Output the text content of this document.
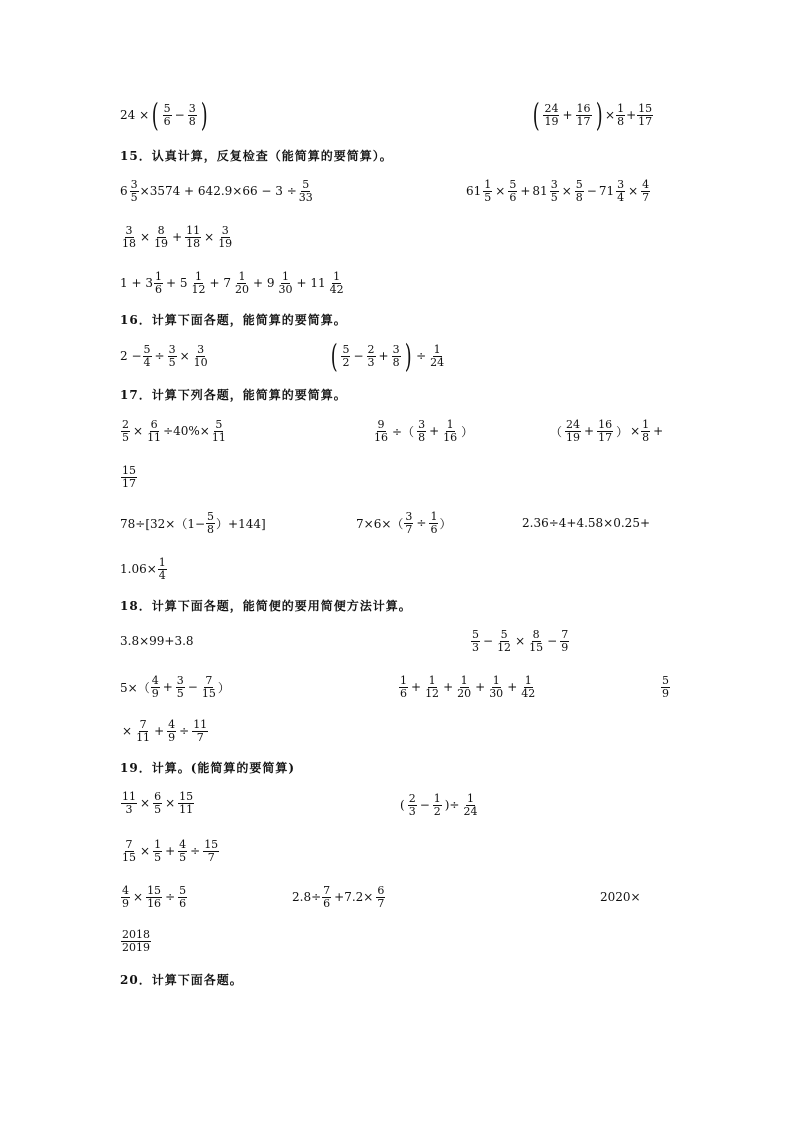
24 × ( $\frac{5}{6} - \frac{3}{8}$ )	( $\frac{24}{19} + \frac{16}{17}$ ) × $\frac{1}{8} + \frac{15}{17}$
15．认真计算，反复检查（能简算的要简算）。
$6 \frac{3}{5} \times 3574 + 642.9\times 66 - 3 \div \frac{5}{33}$	$61 \frac{1}{5} \times \frac{5}{6} + 81 \frac{3}{5} \times \frac{5}{8} - 71 \frac{3}{4} \times \frac{4}{7}$
$\frac{3}{18} \times \frac{8}{19} + \frac{11}{18} \times \frac{3}{19}$
$1 + 3 \frac{1}{6} + 5 \frac{1}{12} + 7 \frac{1}{20} + 9 \frac{1}{30} + 11 \frac{1}{42}$
16．计算下面各题，能简算的要简算。
$2 - \frac{5}{4} \div \frac{3}{5} \times \frac{3}{10}$	( $\frac{5}{2} - \frac{2}{3} + \frac{3}{8}$ ) ÷ $\frac{1}{24}$
17．计算下列各题，能简算的要简算。
$\frac{2}{5} \times \frac{6}{11} \div 40\%\times \frac{5}{11}$	$\frac{9}{16}$ ÷（ $\frac{3}{8} + \frac{1}{16}$ ）	（ $\frac{24}{19} + \frac{16}{17}$ ） × $\frac{1}{8}$ +
$\frac{15}{17}$
$78\div[32\times(1- \frac{5}{8} )+144]$	$7\times 6\times( \frac{3}{7} \div \frac{1}{6}$ ）	2.36÷4+4.58×0.25+
$1.06\times \frac{1}{4}$
18．计算下面各题，能简便的要用简便方法计算。
3.8×99+3.8	$\frac{5}{3} - \frac{5}{12} \times \frac{8}{15} - \frac{7}{9}$
$5\times( \frac{4}{9} + \frac{3}{5} - \frac{7}{15}$ ）	$\frac{1}{6} + \frac{1}{12} + \frac{1}{20} + \frac{1}{30} + \frac{1}{42}$	$\frac{5}{9}$
× $\frac{7}{11} + \frac{4}{9} \div \frac{11}{7}$
19．计算。(能简算的要简算)
$\frac{11}{3} \times \frac{6}{5} \times \frac{15}{11}$	( $\frac{2}{3} - \frac{1}{2}$ )÷ $\frac{1}{24}$
$\frac{7}{15} \times \frac{1}{5} + \frac{4}{5} \div \frac{15}{7}$
$\frac{4}{9} \times \frac{15}{16} \div \frac{5}{6}$	$2.8\div \frac{7}{6} +7.2\times \frac{6}{7}$	2020×
$\frac{2018}{2019}$
20．计算下面各题。
